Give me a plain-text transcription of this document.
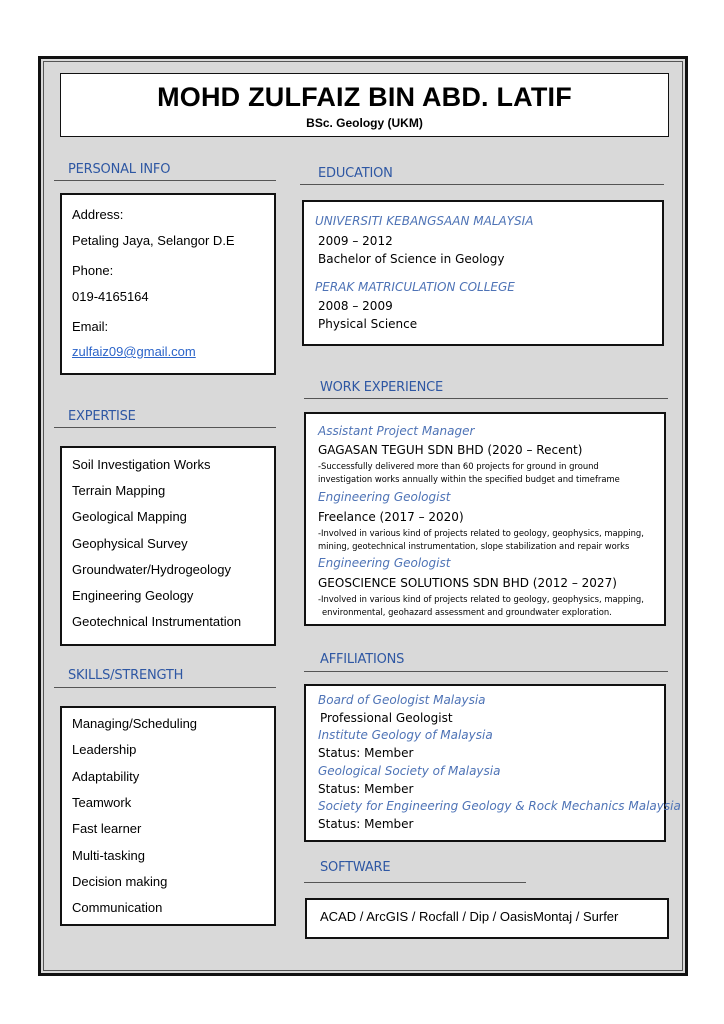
MOHD ZULFAIZ BIN ABD. LATIF
BSc. Geology (UKM)
PERSONAL INFO
Address:
Petaling Jaya, Selangor D.E
Phone:
019-4165164
Email:
zulfaiz09@gmail.com
EXPERTISE
Soil Investigation Works
Terrain Mapping
Geological Mapping
Geophysical Survey
Groundwater/Hydrogeology
Engineering Geology
Geotechnical Instrumentation
SKILLS/STRENGTH
Managing/Scheduling
Leadership
Adaptability
Teamwork
Fast learner
Multi-tasking
Decision making
Communication
EDUCATION
UNIVERSITI KEBANGSAAN MALAYSIA
2009 – 2012
Bachelor of Science in Geology
PERAK MATRICULATION COLLEGE
2008 – 2009
Physical Science
WORK EXPERIENCE
Assistant Project Manager
GAGASAN TEGUH SDN BHD (2020 – Recent)
-Successfully delivered more than 60 projects for ground in ground
investigation works annually within the specified budget and timeframe
Engineering Geologist
Freelance (2017 – 2020)
-Involved in various kind of projects related to geology, geophysics, mapping,
mining, geotechnical instrumentation, slope stabilization and repair works
Engineering Geologist
GEOSCIENCE SOLUTIONS SDN BHD (2012 – 2027)
-Involved in various kind of projects related to geology, geophysics, mapping,
environmental, geohazard assessment and groundwater exploration.
AFFILIATIONS
Board of Geologist Malaysia
Professional Geologist
Institute Geology of Malaysia
Status: Member
Geological Society of Malaysia
Status: Member
Society for Engineering Geology & Rock Mechanics Malaysia
Status: Member
SOFTWARE
ACAD / ArcGIS / Rocfall / Dip / OasisMontaj / Surfer
